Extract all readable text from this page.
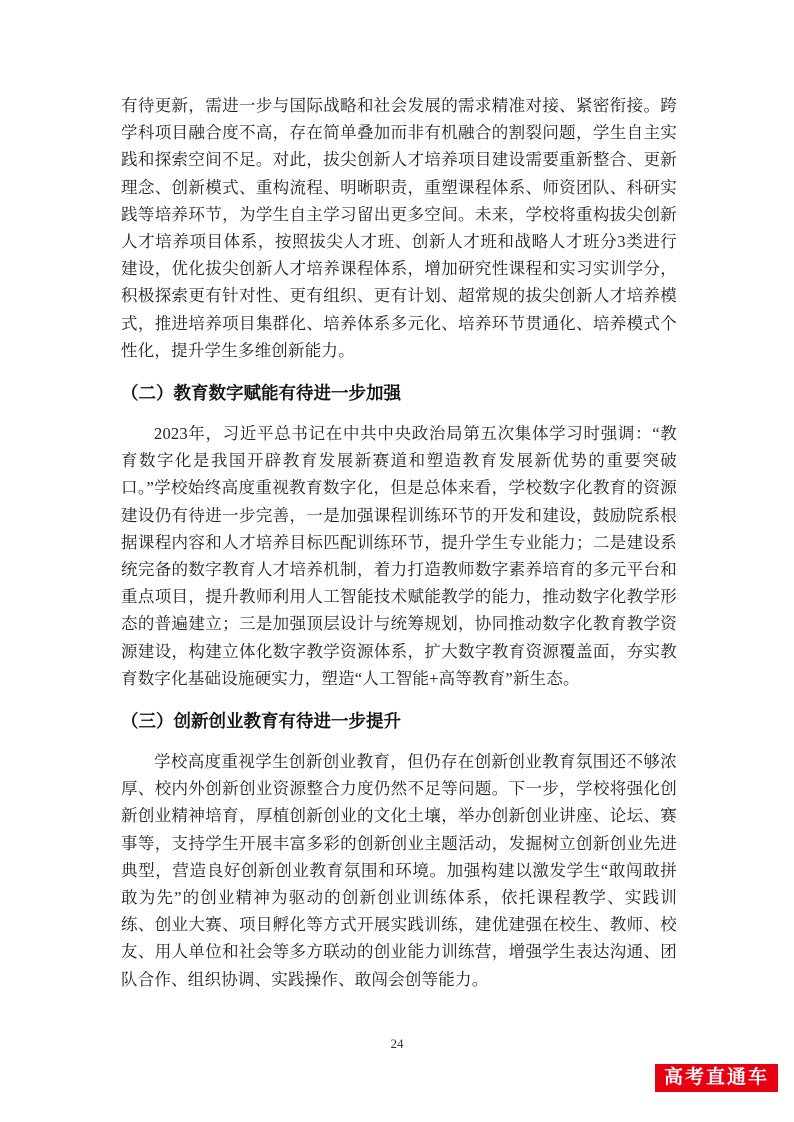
有待更新，需进一步与国际战略和社会发展的需求精准对接、紧密衔接。跨学科项目融合度不高，存在简单叠加而非有机融合的割裂问题，学生自主实践和探索空间不足。对此，拔尖创新人才培养项目建设需要重新整合、更新理念、创新模式、重构流程、明晰职责，重塑课程体系、师资团队、科研实践等培养环节，为学生自主学习留出更多空间。未来，学校将重构拔尖创新人才培养项目体系，按照拔尖人才班、创新人才班和战略人才班分3类进行建设，优化拔尖创新人才培养课程体系，增加研究性课程和实习实训学分，积极探索更有针对性、更有组织、更有计划、超常规的拔尖创新人才培养模式，推进培养项目集群化、培养体系多元化、培养环节贯通化、培养模式个性化，提升学生多维创新能力。

（二）教育数字赋能有待进一步加强

2023年，习近平总书记在中共中央政治局第五次集体学习时强调：“教育数字化是我国开辟教育发展新赛道和塑造教育发展新优势的重要突破口。”学校始终高度重视教育数字化，但是总体来看，学校数字化教育的资源建设仍有待进一步完善，一是加强课程训练环节的开发和建设，鼓励院系根据课程内容和人才培养目标匹配训练环节，提升学生专业能力；二是建设系统完备的数字教育人才培养机制，着力打造教师数字素养培育的多元平台和重点项目，提升教师利用人工智能技术赋能教学的能力，推动数字化教学形态的普遍建立；三是加强顶层设计与统筹规划，协同推动数字化教育教学资源建设，构建立体化数字教学资源体系，扩大数字教育资源覆盖面，夯实教育数字化基础设施硬实力，塑造“人工智能+高等教育”新生态。

（三）创新创业教育有待进一步提升

学校高度重视学生创新创业教育，但仍存在创新创业教育氛围还不够浓厚、校内外创新创业资源整合力度仍然不足等问题。下一步，学校将强化创新创业精神培育，厚植创新创业的文化土壤，举办创新创业讲座、论坛、赛事等，支持学生开展丰富多彩的创新创业主题活动，发掘树立创新创业先进典型，营造良好创新创业教育氛围和环境。加强构建以激发学生“敢闯敢拼敢为先”的创业精神为驱动的创新创业训练体系，依托课程教学、实践训练、创业大赛、项目孵化等方式开展实践训练，建优建强在校生、教师、校友、用人单位和社会等多方联动的创业能力训练营，增强学生表达沟通、团队合作、组织协调、实践操作、敢闯会创等能力。

24
高考直通车
